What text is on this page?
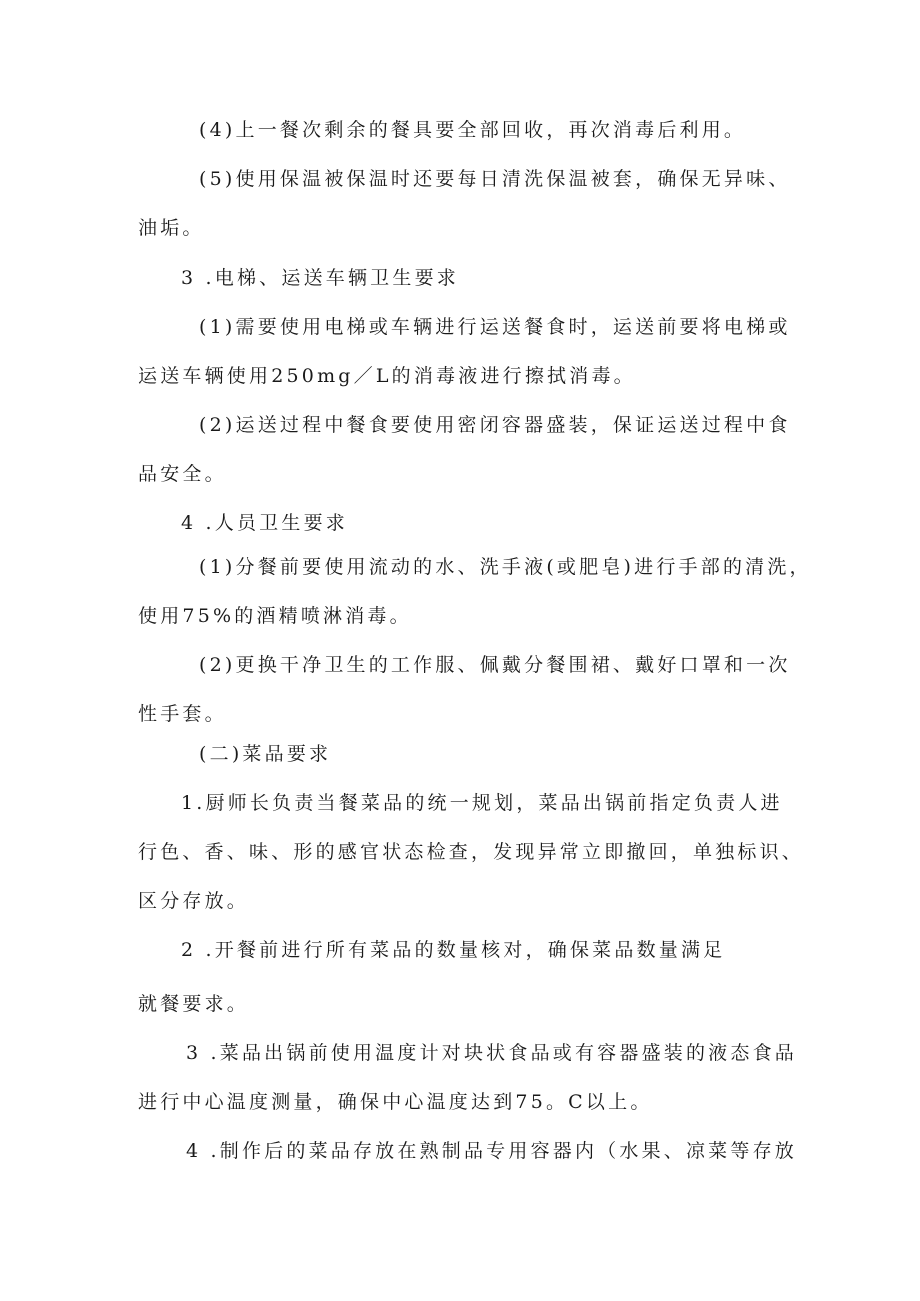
(4)上一餐次剩余的餐具要全部回收，再次消毒后利用。
(5)使用保温被保温时还要每日清洗保温被套，确保无异味、
油垢。
3 .电梯、运送车辆卫生要求
(1)需要使用电梯或车辆进行运送餐食时，运送前要将电梯或
运送车辆使用250mg／L的消毒液进行擦拭消毒。
(2)运送过程中餐食要使用密闭容器盛装，保证运送过程中食
品安全。
4 .人员卫生要求
(1)分餐前要使用流动的水、洗手液(或肥皂)进行手部的清洗，
使用75%的酒精喷淋消毒。
(2)更换干净卫生的工作服、佩戴分餐围裙、戴好口罩和一次
性手套。
(二)菜品要求
1.厨师长负责当餐菜品的统一规划，菜品出锅前指定负责人进
行色、香、味、形的感官状态检查，发现异常立即撤回，单独标识、
区分存放。
2 .开餐前进行所有菜品的数量核对，确保菜品数量满足
就餐要求。
3 .菜品出锅前使用温度计对块状食品或有容器盛装的液态食品
进行中心温度测量，确保中心温度达到75。C以上。
4 .制作后的菜品存放在熟制品专用容器内（水果、凉菜等存放
